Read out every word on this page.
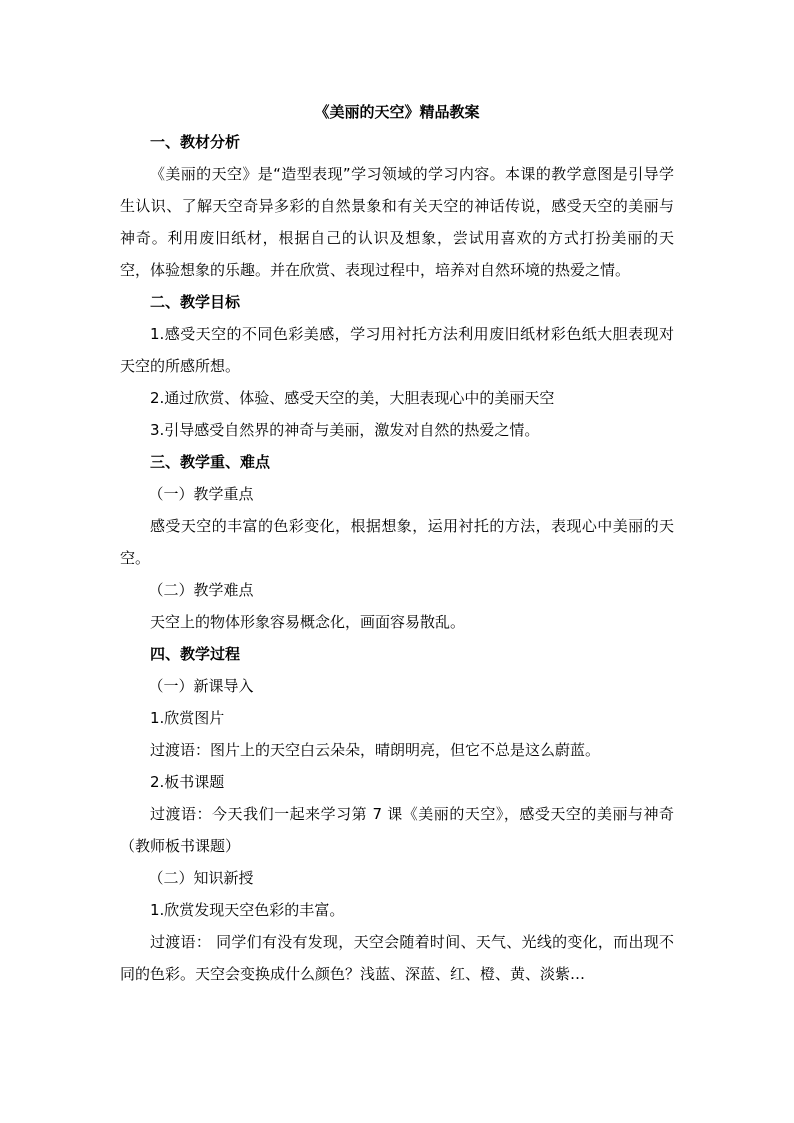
《美丽的天空》精品教案

一、教材分析

《美丽的天空》是“造型表现”学习领域的学习内容。本课的教学意图是引导学生认识、了解天空奇异多彩的自然景象和有关天空的神话传说，感受天空的美丽与神奇。利用废旧纸材，根据自己的认识及想象，尝试用喜欢的方式打扮美丽的天空，体验想象的乐趣。并在欣赏、表现过程中，培养对自然环境的热爱之情。

二、教学目标

1.感受天空的不同色彩美感，学习用衬托方法利用废旧纸材彩色纸大胆表现对天空的所感所想。

2.通过欣赏、体验、感受天空的美，大胆表现心中的美丽天空

3.引导感受自然界的神奇与美丽，激发对自然的热爱之情。

三、教学重、难点

（一）教学重点

感受天空的丰富的色彩变化，根据想象，运用衬托的方法，表现心中美丽的天空。

（二）教学难点

天空上的物体形象容易概念化，画面容易散乱。

四、教学过程

（一）新课导入

1.欣赏图片

过渡语：图片上的天空白云朵朵，晴朗明亮，但它不总是这么蔚蓝。

2.板书课题

过渡语：今天我们一起来学习第 7 课《美丽的天空》，感受天空的美丽与神奇（教师板书课题）

（二）知识新授

1.欣赏发现天空色彩的丰富。

过渡语： 同学们有没有发现，天空会随着时间、天气、光线的变化，而出现不同的色彩。天空会变换成什么颜色？浅蓝、深蓝、红、橙、黄、淡紫…
